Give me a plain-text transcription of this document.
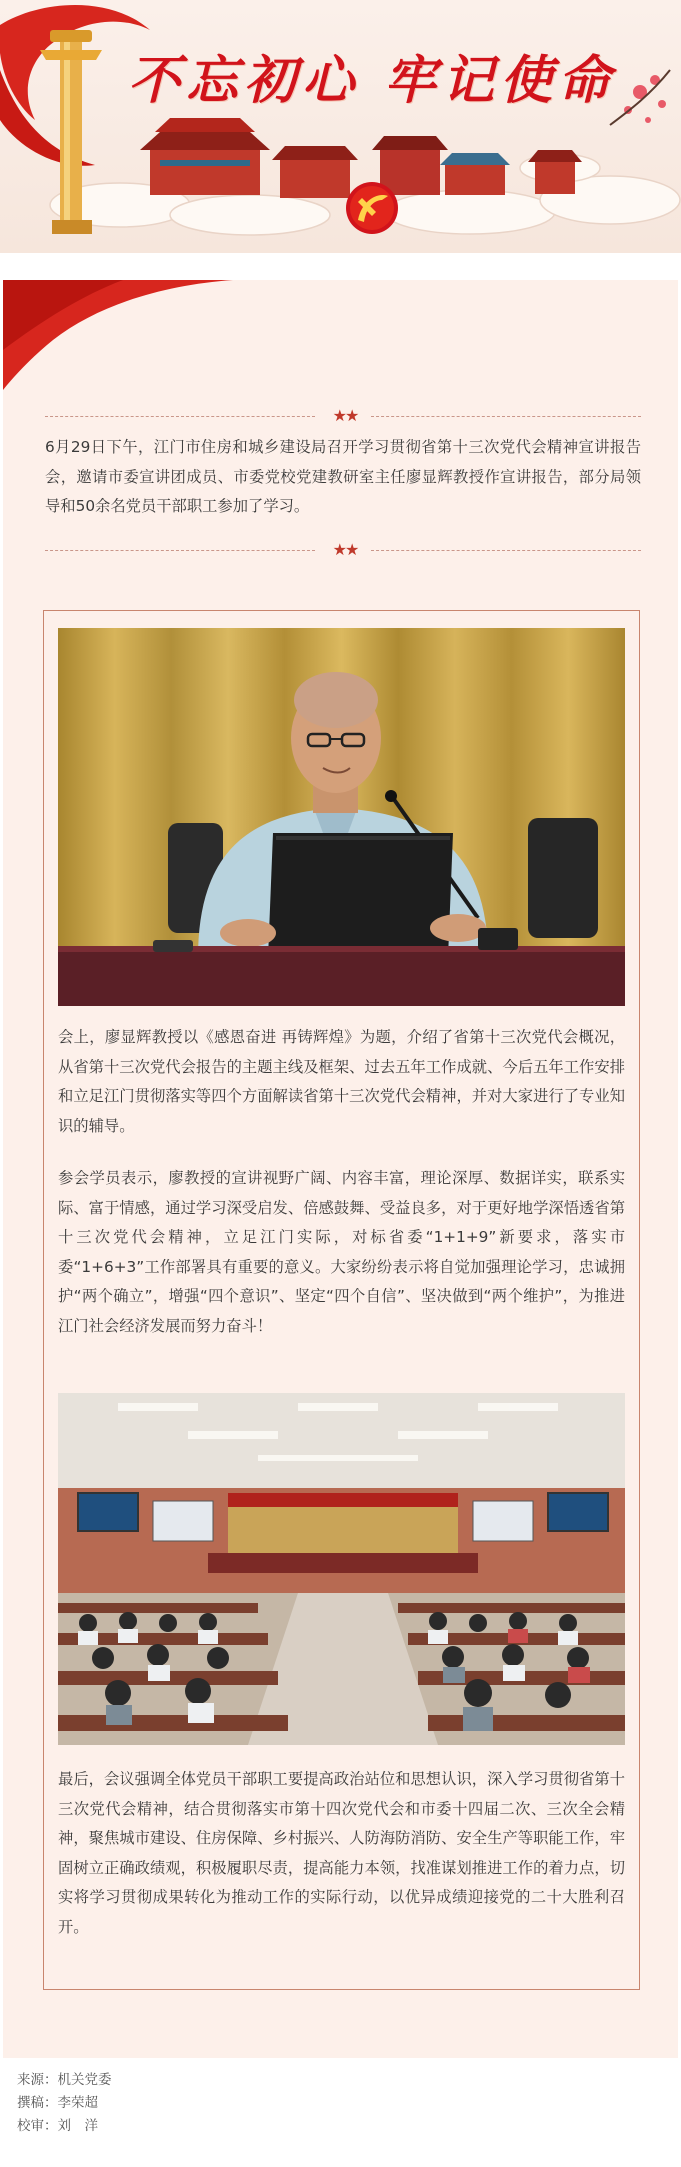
不忘初心 牢记使命
★★

6月29日下午，江门市住房和城乡建设局召开学习贯彻省第十三次党代会精神宣讲报告会，邀请市委宣讲团成员、市委党校党建教研室主任廖显辉教授作宣讲报告，部分局领导和50余名党员干部职工参加了学习。

★★

会上，廖显辉教授以《感恩奋进 再铸辉煌》为题，介绍了省第十三次党代会概况，从省第十三次党代会报告的主题主线及框架、过去五年工作成就、今后五年工作安排和立足江门贯彻落实等四个方面解读省第十三次党代会精神，并对大家进行了专业知识的辅导。

参会学员表示，廖教授的宣讲视野广阔、内容丰富，理论深厚、数据详实，联系实际、富于情感，通过学习深受启发、倍感鼓舞、受益良多，对于更好地学深悟透省第十三次党代会精神，立足江门实际，对标省委“1+1+9”新要求，落实市委“1+6+3”工作部署具有重要的意义。大家纷纷表示将自觉加强理论学习，忠诚拥护“两个确立”，增强“四个意识”、坚定“四个自信”、坚决做到“两个维护”，为推进江门社会经济发展而努力奋斗！

最后，会议强调全体党员干部职工要提高政治站位和思想认识，深入学习贯彻省第十三次党代会精神，结合贯彻落实市第十四次党代会和市委十四届二次、三次全会精神，聚焦城市建设、住房保障、乡村振兴、人防海防消防、安全生产等职能工作，牢固树立正确政绩观，积极履职尽责，提高能力本领，找准谋划推进工作的着力点，切实将学习贯彻成果转化为推动工作的实际行动，以优异成绩迎接党的二十大胜利召开。

来源：机关党委
撰稿：李荣超
校审：刘　洋
